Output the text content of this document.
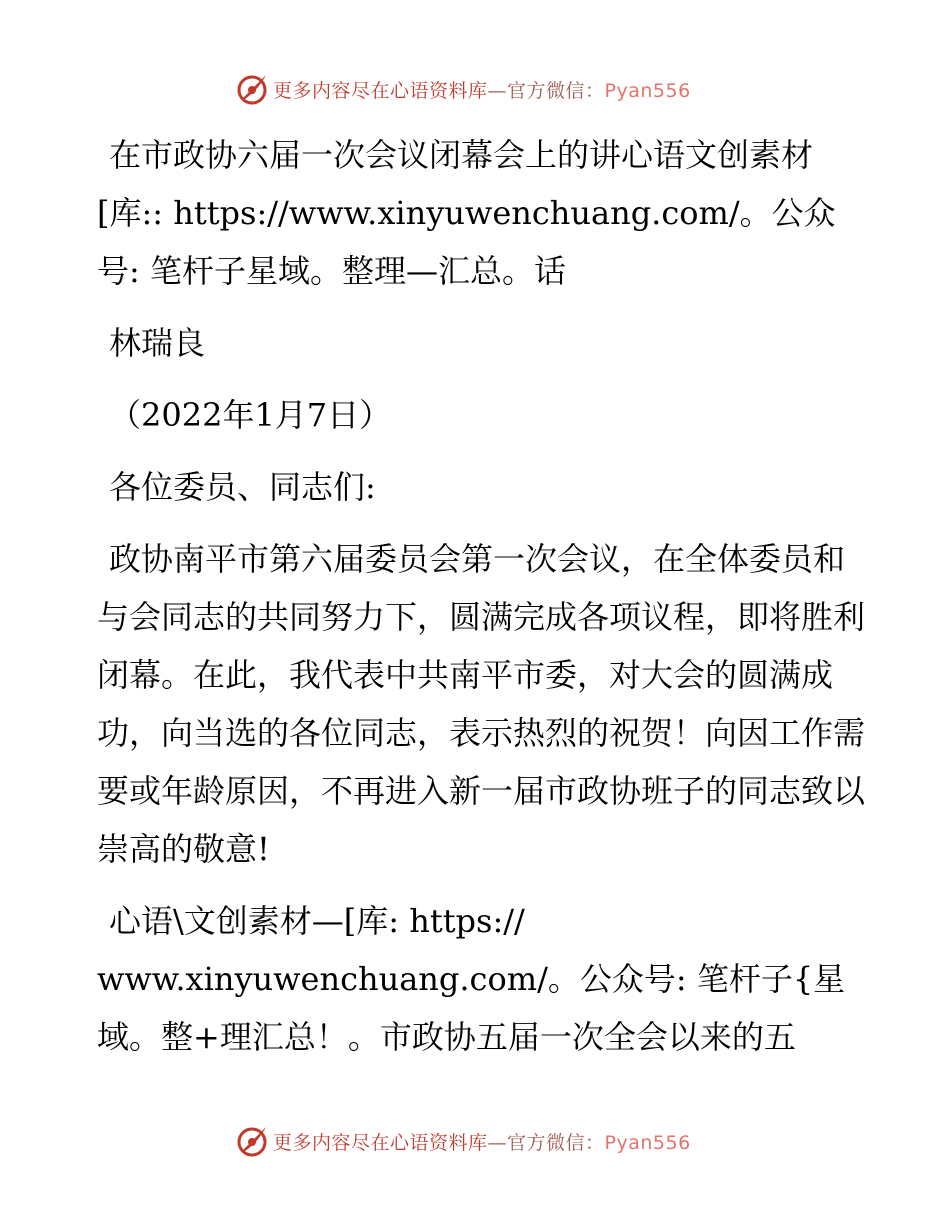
更多内容尽在心语资料库—官方微信：Pyan556

在市政协六届一次会议闭幕会上的讲心语文创素材[库:: https://www.xinyuwenchuang.com/。公众号: 笔杆子星域。整理—汇总。话

林瑞良

（2022年1月7日）

各位委员、同志们:

政协南平市第六届委员会第一次会议，在全体委员和与会同志的共同努力下，圆满完成各项议程，即将胜利闭幕。在此，我代表中共南平市委，对大会的圆满成功，向当选的各位同志，表示热烈的祝贺！向因工作需要或年龄原因，不再进入新一届市政协班子的同志致以崇高的敬意!

心语\文创素材—[库: https://

www.xinyuwenchuang.com/。公众号: 笔杆子{星域。整+理汇总！。市政协五届一次全会以来的五

更多内容尽在心语资料库—官方微信：Pyan556
